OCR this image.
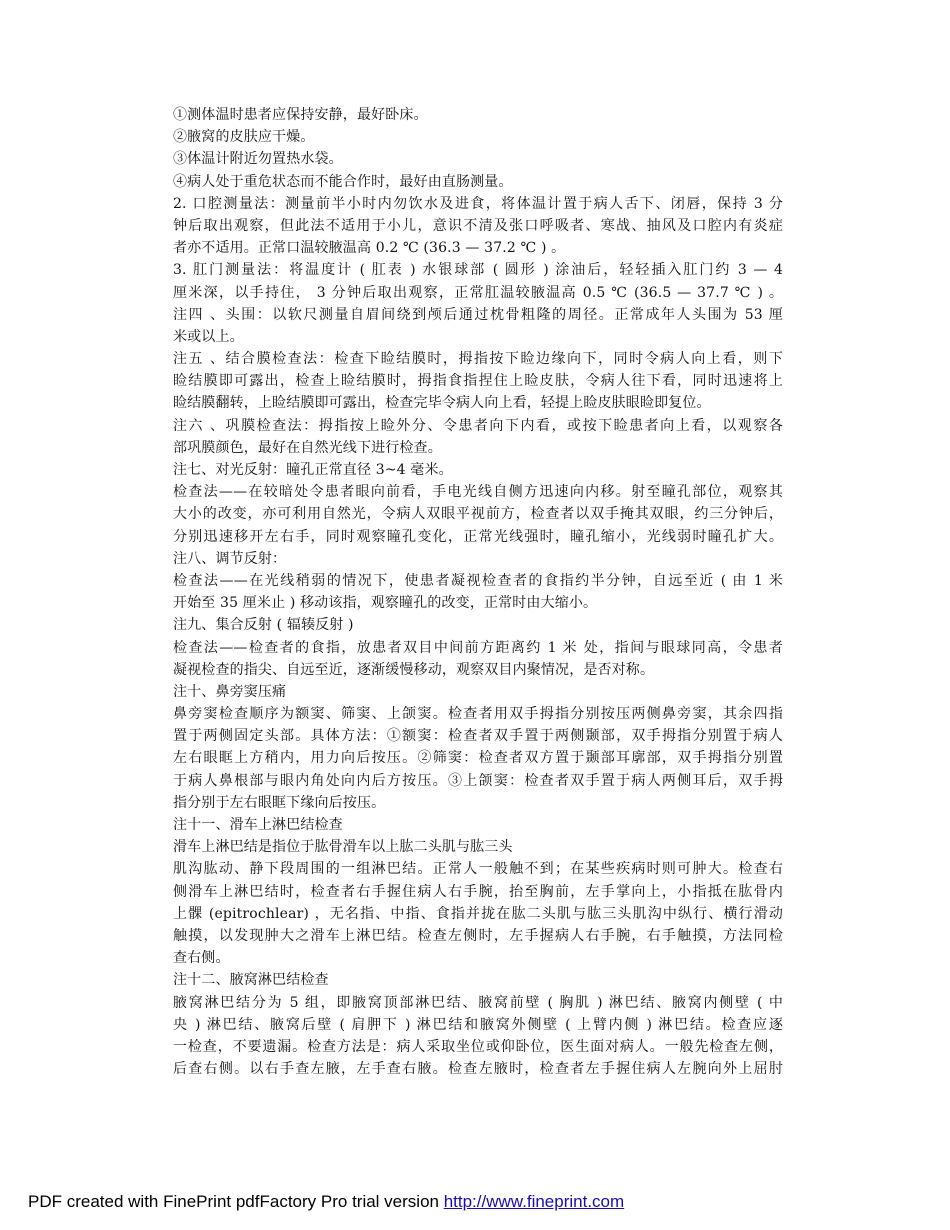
①测体温时患者应保持安静，最好卧床。
②腋窝的皮肤应干燥。
③体温计附近勿置热水袋。
④病人处于重危状态而不能合作时，最好由直肠测量。
2. 口腔测量法：测量前半小时内勿饮水及进食，将体温计置于病人舌下、闭唇，保持 3 分
钟后取出观察，但此法不适用于小儿，意识不清及张口呼吸者、寒战、抽风及口腔内有炎症
者亦不适用。正常口温较腋温高 0.2 ℃ (36.3 — 37.2 ℃ ) 。
3. 肛门测量法：将温度计 ( 肛表 ) 水银球部 ( 圆形 ) 涂油后，轻轻插入肛门约 3 — 4
厘米深，以手持住， 3 分钟后取出观察，正常肛温较腋温高 0.5 ℃ (36.5 — 37.7 ℃ ) 。
注四 、头围：以软尺测量自眉间绕到颅后通过枕骨粗隆的周径。正常成年人头围为 53 厘
米或以上。
注五 、结合膜检查法：检查下睑结膜时，拇指按下睑边缘向下，同时令病人向上看，则下
睑结膜即可露出，检查上睑结膜时，拇指食指捏住上睑皮肤，令病人往下看，同时迅速将上
睑结膜翻转，上睑结膜即可露出，检查完毕令病人向上看，轻提上睑皮肤眼睑即复位。
注六 、巩膜检查法：拇指按上睑外分、令患者向下内看，或按下睑患者向上看，以观察各
部巩膜颜色，最好在自然光线下进行检查。
注七、对光反射：瞳孔正常直径 3~4 毫米。
检查法——在较暗处令患者眼向前看，手电光线自侧方迅速向内移。射至瞳孔部位，观察其
大小的改变，亦可利用自然光，令病人双眼平视前方，检查者以双手掩其双眼，约三分钟后，
分别迅速移开左右手，同时观察瞳孔变化，正常光线强时，瞳孔缩小，光线弱时瞳孔扩大。
注八、调节反射：
检查法——在光线稍弱的情况下，使患者凝视检查者的食指约半分钟，自远至近 ( 由 1 米
开始至 35 厘米止 ) 移动该指，观察瞳孔的改变，正常时由大缩小。
注九、集合反射 ( 辐辏反射 )
检查法——检查者的食指，放患者双目中间前方距离约 1 米 处，指间与眼球同高，令患者
凝视检查的指尖、自远至近，逐渐缓慢移动，观察双目内聚情况，是否对称。
注十、鼻旁窦压痛
鼻旁窦检查顺序为额窦、筛窦、上颌窦。检查者用双手拇指分别按压两侧鼻旁窦，其余四指
置于两侧固定头部。具体方法：①额窦：检查者双手置于两侧颞部，双手拇指分别置于病人
左右眼眶上方稍内，用力向后按压。②筛窦：检查者双方置于颞部耳廓部，双手拇指分别置
于病人鼻根部与眼内角处向内后方按压。③上颌窦：检查者双手置于病人两侧耳后，双手拇
指分别于左右眼眶下缘向后按压。
注十一、滑车上淋巴结检查
滑车上淋巴结是指位于肱骨滑车以上肱二头肌与肱三头
肌沟肱动、静下段周围的一组淋巴结。正常人一般触不到；在某些疾病时则可肿大。检查右
侧滑车上淋巴结时，检查者右手握住病人右手腕，抬至胸前，左手掌向上，小指抵在肱骨内
上髁 (epitrochlear) ，无名指、中指、食指并拢在肱二头肌与肱三头肌沟中纵行、横行滑动
触摸，以发现肿大之滑车上淋巴结。检查左侧时，左手握病人右手腕，右手触摸，方法同检
查右侧。
注十二、腋窝淋巴结检查
腋窝淋巴结分为 5 组，即腋窝顶部淋巴结、腋窝前壁 ( 胸肌 ) 淋巴结、腋窝内侧壁 ( 中
央 ) 淋巴结、腋窝后壁 ( 肩胛下 ) 淋巴结和腋窝外侧壁 ( 上臂内侧 ) 淋巴结。检查应逐
一检查，不要遗漏。检查方法是：病人采取坐位或仰卧位，医生面对病人。一般先检查左侧，
后查右侧。以右手查左腋，左手查右腋。检查左腋时，检查者左手握住病人左腕向外上屈肘
PDF created with FinePrint pdfFactory Pro trial version http://www.fineprint.com
